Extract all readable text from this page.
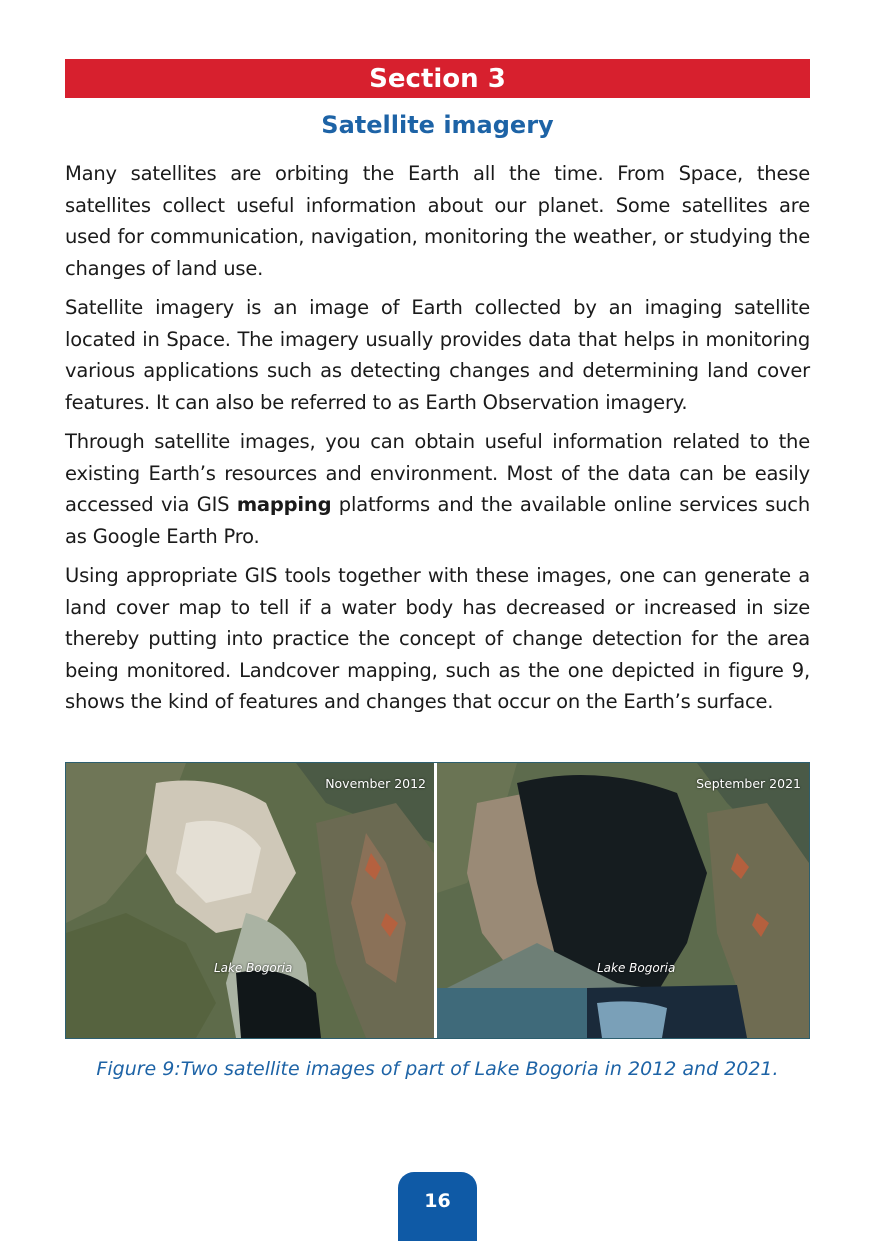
Section 3
Satellite imagery

Many satellites are orbiting the Earth all the time. From Space, these satellites collect useful information about our planet. Some satellites are used for communication, navigation, monitoring the weather, or studying the changes of land use.

Satellite imagery is an image of Earth collected by an imaging satellite located in Space. The imagery usually provides data that helps in monitoring various applications such as detecting changes and determining land cover features. It can also be referred to as Earth Observation imagery.

Through satellite images, you can obtain useful information related to the existing Earth’s resources and environment. Most of the data can be easily accessed via GIS mapping platforms and the available online services such as Google Earth Pro.

Using appropriate GIS tools together with these images, one can generate a land cover map to tell if a water body has decreased or increased in size thereby putting into practice the concept of change detection for the area being monitored. Landcover mapping, such as the one depicted in figure 9, shows the kind of features and changes that occur on the Earth’s surface.

November 2012
Lake Bogoria
September 2021
Lake Bogoria
Figure 9:Two satellite images of part of Lake Bogoria in 2012 and 2021.
16
